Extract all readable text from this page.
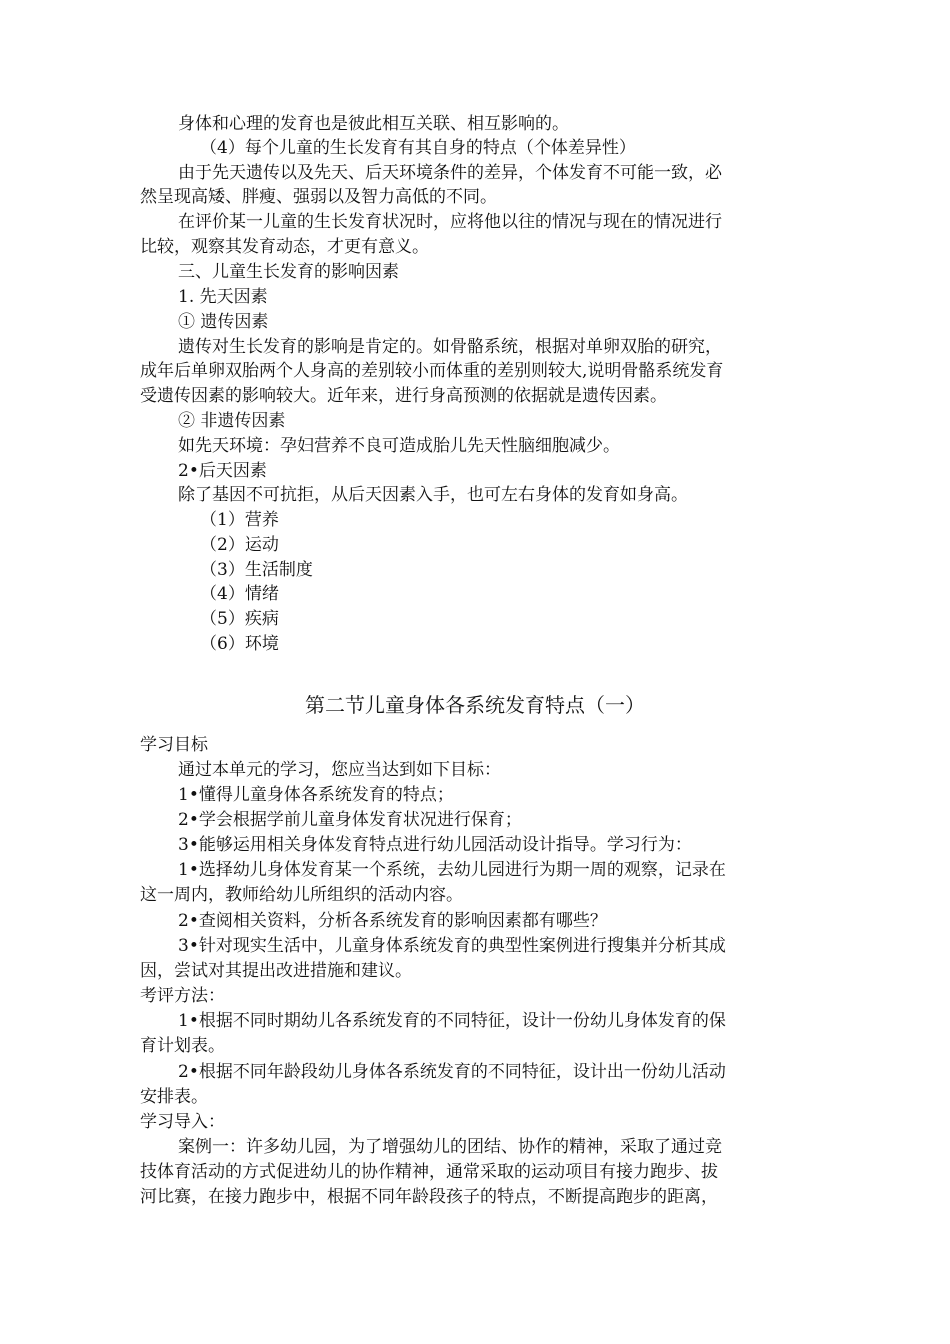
身体和心理的发育也是彼此相互关联、相互影响的。
（4）每个儿童的生长发育有其自身的特点（个体差异性）
由于先天遗传以及先天、后天环境条件的差异，个体发育不可能一致，必
然呈现高矮、胖瘦、强弱以及智力高低的不同。
在评价某一儿童的生长发育状况时，应将他以往的情况与现在的情况进行
比较，观察其发育动态，才更有意义。
三、儿童生长发育的影响因素
1. 先天因素
① 遗传因素
遗传对生长发育的影响是肯定的。如骨骼系统，根据对单卵双胎的研究，
成年后单卵双胎两个人身高的差别较小而体重的差别则较大,说明骨骼系统发育
受遗传因素的影响较大。近年来，进行身高预测的依据就是遗传因素。
② 非遗传因素
如先天环境：孕妇营养不良可造成胎儿先天性脑细胞减少。
2•后天因素
除了基因不可抗拒，从后天因素入手，也可左右身体的发育如身高。
（1）营养
（2）运动
（3）生活制度
（4）情绪
（5）疾病
（6）环境
第二节儿童身体各系统发育特点（一）
学习目标
通过本单元的学习，您应当达到如下目标：
1•懂得儿童身体各系统发育的特点；
2•学会根据学前儿童身体发育状况进行保育；
3•能够运用相关身体发育特点进行幼儿园活动设计指导。学习行为：
1•选择幼儿身体发育某一个系统，去幼儿园进行为期一周的观察，记录在
这一周内，教师给幼儿所组织的活动内容。
2•查阅相关资料，分析各系统发育的影响因素都有哪些？
3•针对现实生活中，儿童身体系统发育的典型性案例进行搜集并分析其成
因，尝试对其提出改进措施和建议。
考评方法：
1•根据不同时期幼儿各系统发育的不同特征，设计一份幼儿身体发育的保
育计划表。
2•根据不同年龄段幼儿身体各系统发育的不同特征，设计出一份幼儿活动
安排表。
学习导入：
案例一：许多幼儿园，为了增强幼儿的团结、协作的精神，采取了通过竞
技体育活动的方式促进幼儿的协作精神，通常采取的运动项目有接力跑步、拔
河比赛，在接力跑步中，根据不同年龄段孩子的特点，不断提高跑步的距离，
